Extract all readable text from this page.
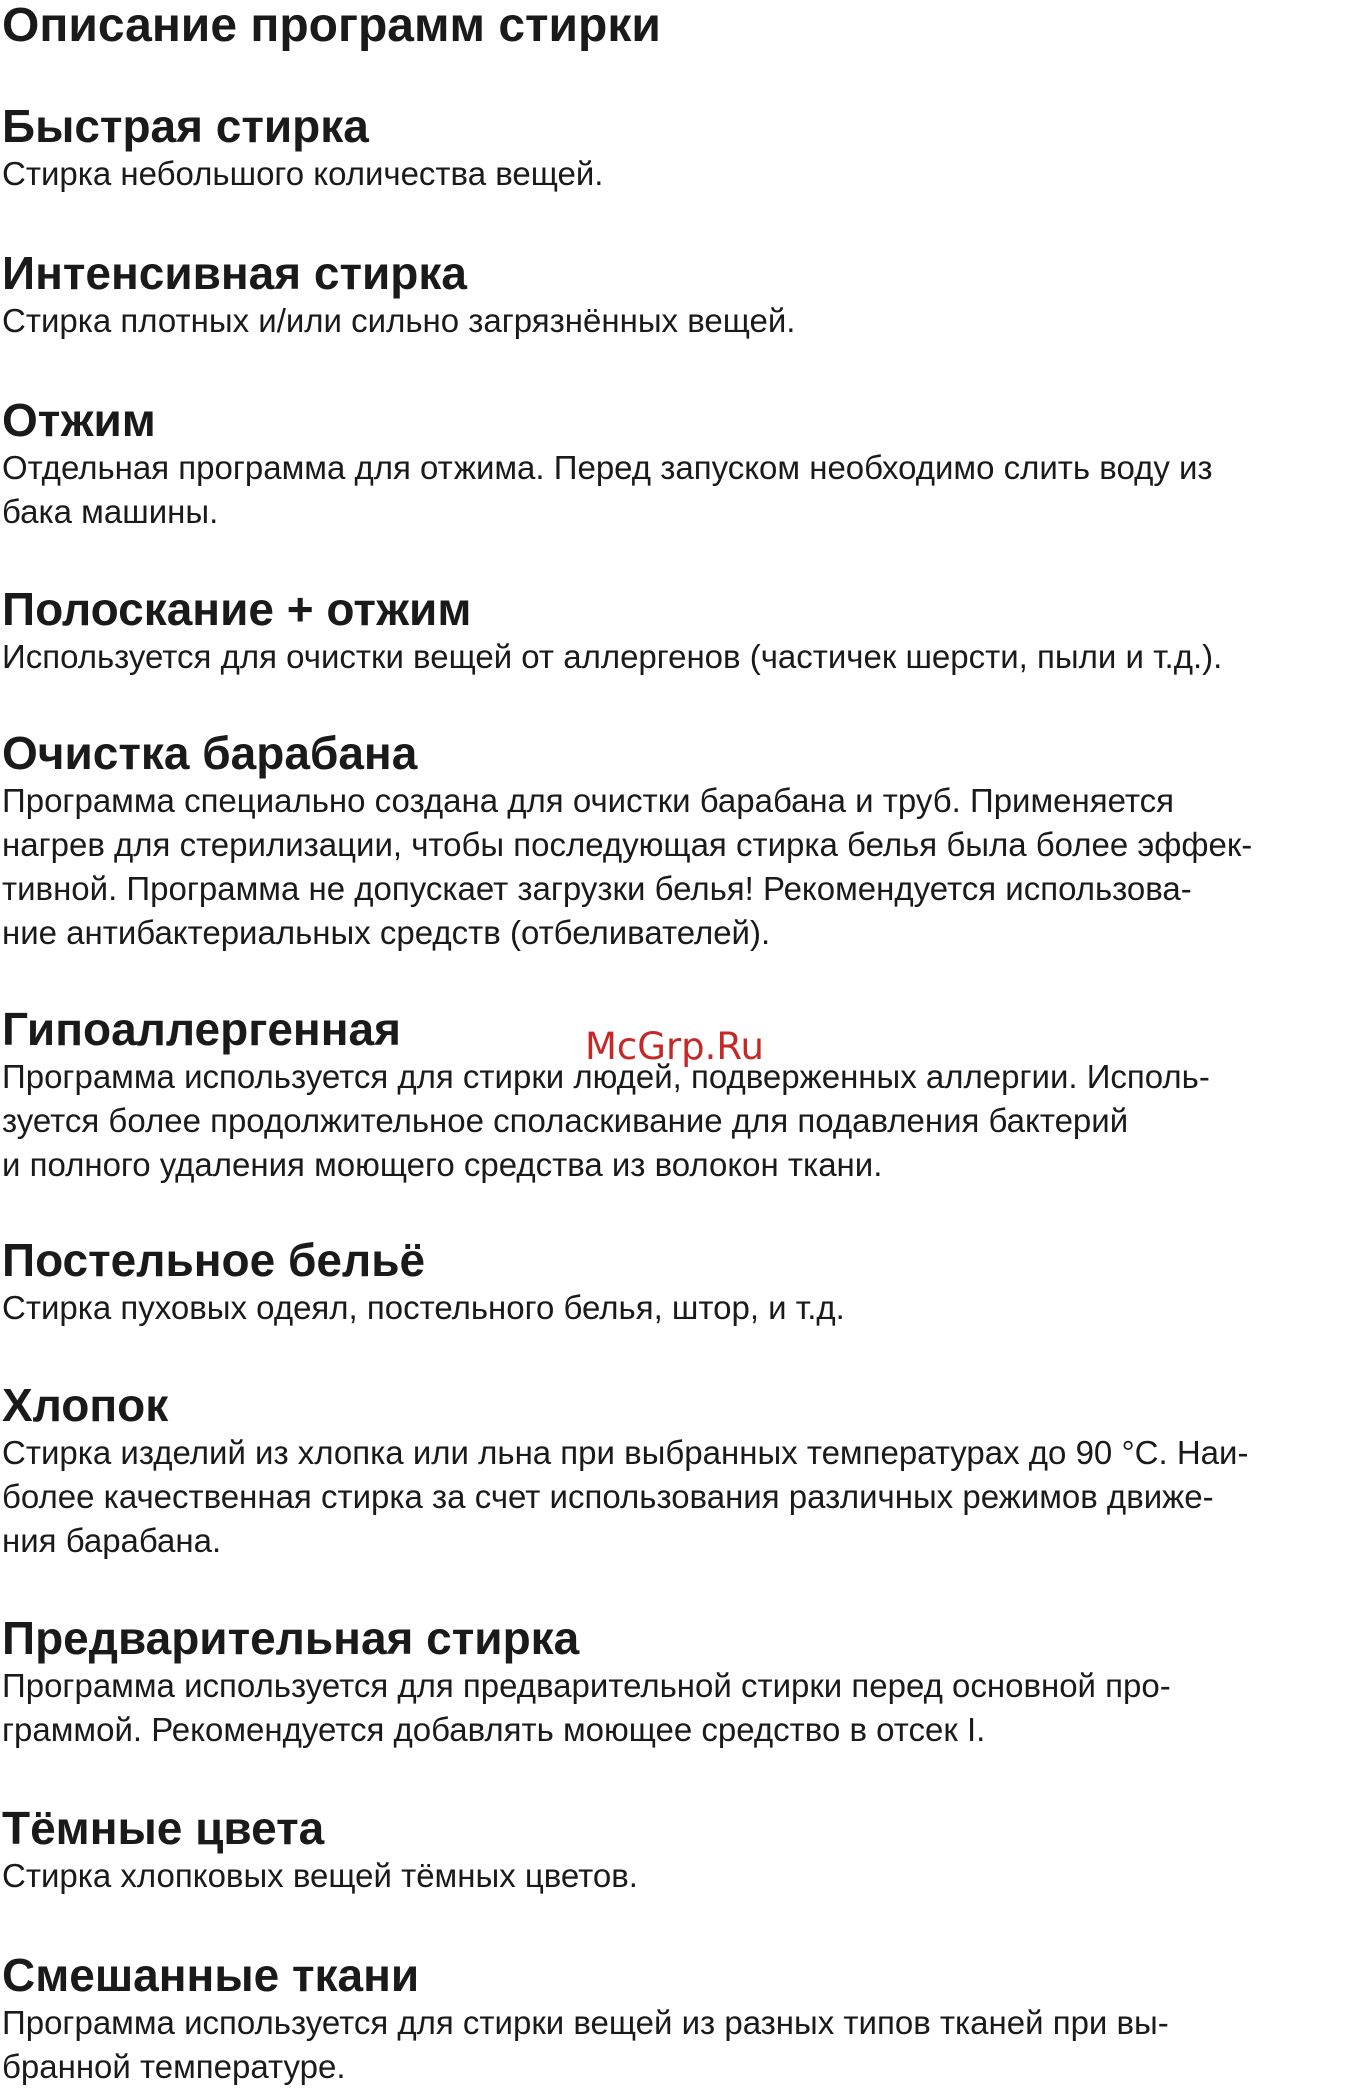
Описание программ стирки
Быстрая стирка

Стирка небольшого количества вещей.

Интенсивная стирка

Стирка плотных и/или сильно загрязнённых вещей.

Отжим

Отдельная программа для отжима. Перед запуском необходимо слить воду из
бака машины.

Полоскание + отжим

Используется для очистки вещей от аллергенов (частичек шерсти, пыли и т.д.).

Очистка барабана

Программа специально создана для очистки барабана и труб. Применяется
нагрев для стерилизации, чтобы последующая стирка белья была более эффек-
тивной. Программа не допускает загрузки белья! Рекомендуется использова-
ние антибактериальных средств (отбеливателей).

Гипоаллергенная

Программа используется для стирки людей, подверженных аллергии. Исполь-
зуется более продолжительное споласкивание для подавления бактерий
и полного удаления моющего средства из волокон ткани.

Постельное бельё

Стирка пуховых одеял, постельного белья, штор, и т.д.

Хлопок

Стирка изделий из хлопка или льна при выбранных температурах до 90 °С. Наи-
более качественная стирка за счет использования различных режимов движе-
ния барабана.

Предварительная стирка

Программа используется для предварительной стирки перед основной про-
граммой. Рекомендуется добавлять моющее средство в отсек I.

Тёмные цвета

Стирка хлопковых вещей тёмных цветов.

Смешанные ткани

Программа используется для стирки вещей из разных типов тканей при вы-
бранной температуре.

McGrp.Ru
